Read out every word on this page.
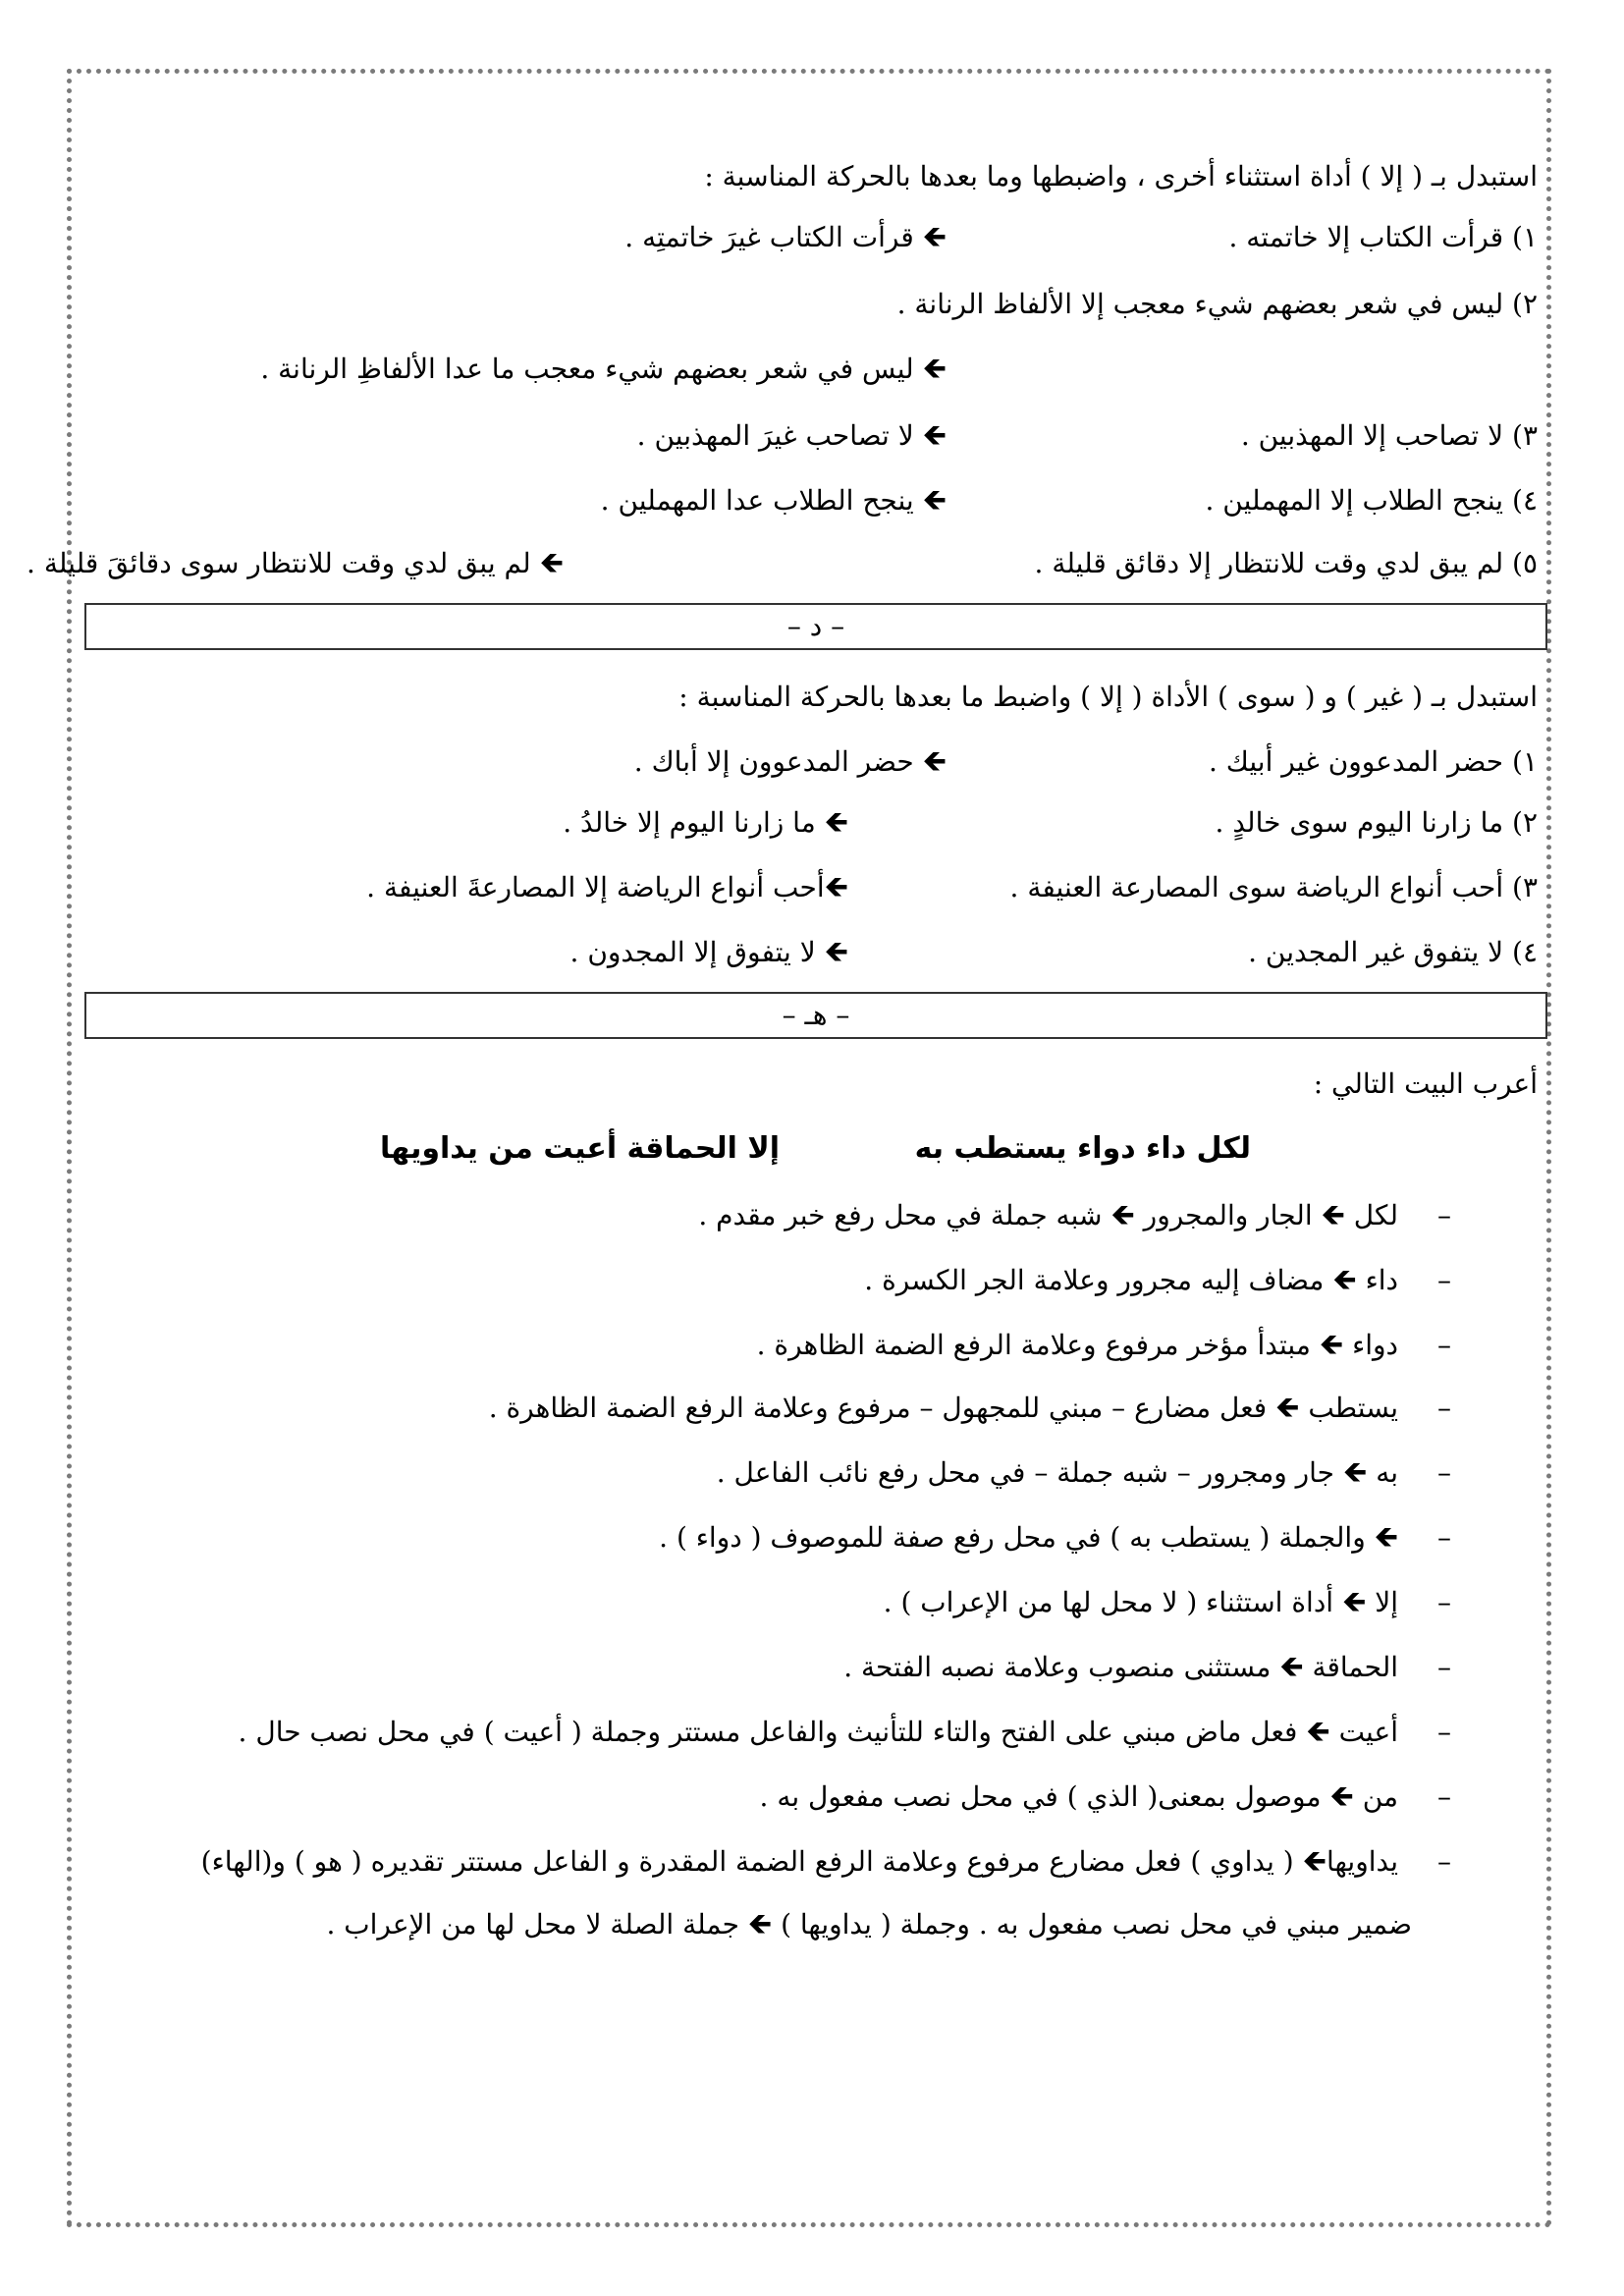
استبدل بـ ( إلا ) أداة استثناء أخرى ، واضبطها وما بعدها بالحركة المناسبة :
١) قرأت الكتاب إلا خاتمته .
🡸 قرأت الكتاب غيرَ خاتمتِه .
٢) ليس في شعر بعضهم شيء معجب إلا الألفاظ الرنانة .
🡸 ليس في شعر بعضهم شيء معجب ما عدا الألفاظِ الرنانة .
٣) لا تصاحب إلا المهذبين .
🡸 لا تصاحب غيرَ المهذبين .
٤) ينجح الطلاب إلا المهملين .
🡸 ينجح الطلاب عدا المهملين .
٥) لم يبق لدي وقت للانتظار إلا دقائق قليلة .
🡸 لم يبق لدي وقت للانتظار سوى دقائقَ قليلة .
– د –
استبدل بـ ( غير ) و ( سوى ) الأداة ( إلا ) واضبط ما بعدها بالحركة المناسبة :
١) حضر المدعوون غير أبيك .
🡸 حضر المدعوون إلا أباك .
٢) ما زارنا اليوم سوى خالدٍ .
🡸 ما زارنا اليوم إلا خالدُ .
٣) أحب أنواع الرياضة سوى المصارعة العنيفة .
🡸أحب أنواع الرياضة إلا المصارعةَ العنيفة .
٤) لا يتفوق غير المجدين .
🡸 لا يتفوق إلا المجدون .
– هـ –
أعرب البيت التالي :
لكل داء دواء يستطب به
إلا الحماقة أعيت من يداويها
–لكل 🡸 الجار والمجرور 🡸 شبه جملة في محل رفع خبر مقدم .
–داء 🡸 مضاف إليه مجرور وعلامة الجر الكسرة .
–دواء 🡸 مبتدأ مؤخر مرفوع وعلامة الرفع الضمة الظاهرة .
–يستطب 🡸 فعل مضارع – مبني للمجهول – مرفوع وعلامة الرفع الضمة الظاهرة .
–به 🡸 جار ومجرور – شبه جملة – في محل رفع نائب الفاعل .
–🡸 والجملة ( يستطب به ) في محل رفع صفة للموصوف ( دواء ) .
–إلا 🡸 أداة استثناء ( لا محل لها من الإعراب ) .
–الحماقة 🡸 مستثنى منصوب وعلامة نصبه الفتحة .
–أعيت 🡸 فعل ماض مبني على الفتح والتاء للتأنيث والفاعل مستتر وجملة ( أعيت ) في محل نصب حال .
–من 🡸 موصول بمعنى( الذي ) في محل نصب مفعول به .
–يداويها🡸 ( يداوي ) فعل مضارع مرفوع وعلامة الرفع الضمة المقدرة و الفاعل مستتر تقديره ( هو ) و(الهاء)
ضمير مبني في محل نصب مفعول به . وجملة ( يداويها ) 🡸 جملة الصلة لا محل لها من الإعراب .
